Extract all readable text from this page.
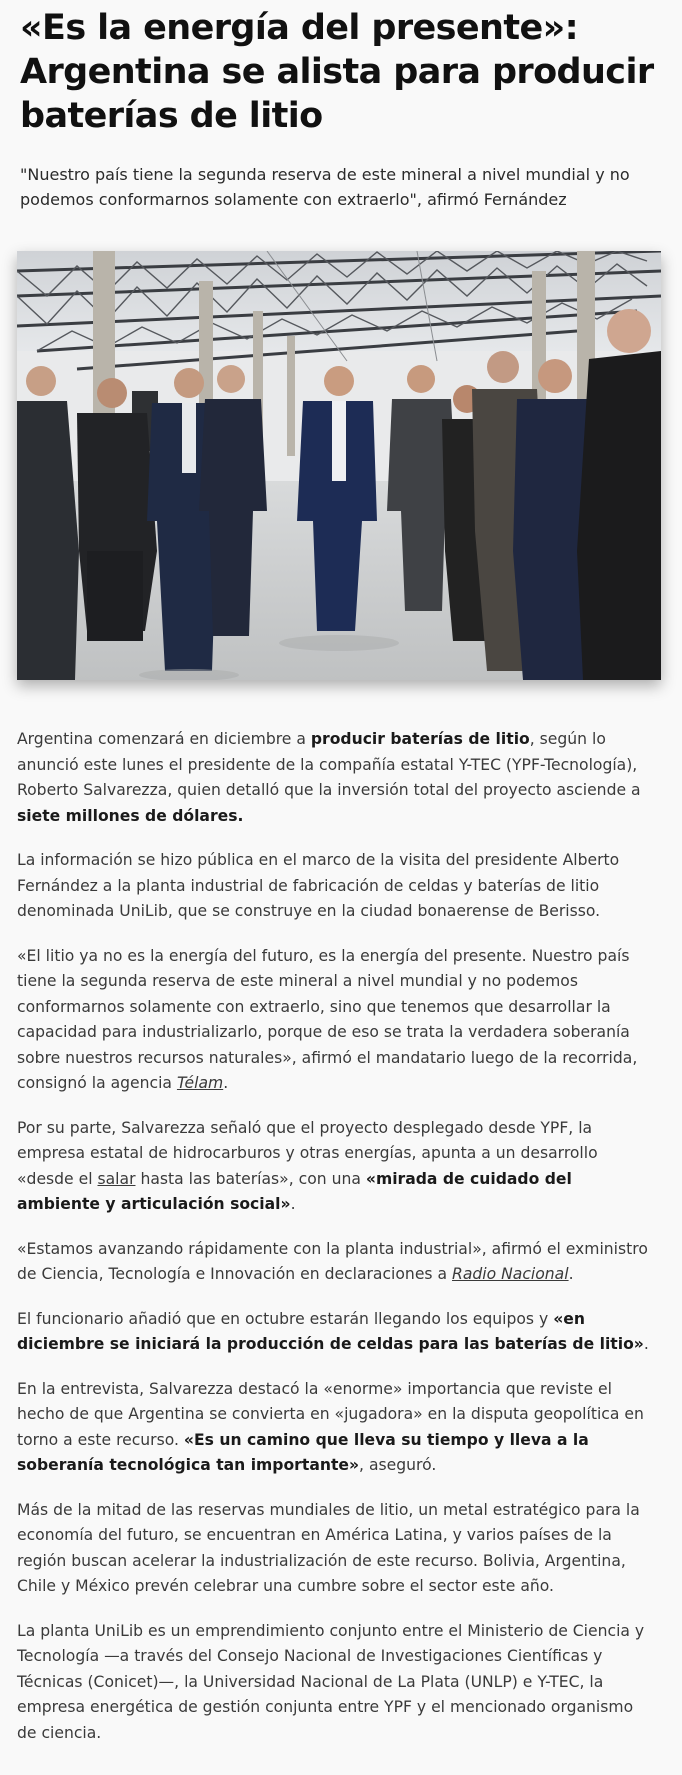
«Es la energía del presente»: Argentina se alista para producir baterías de litio

"Nuestro país tiene la segunda reserva de este mineral a nivel mundial y no podemos conformarnos solamente con extraerlo", afirmó Fernández

Argentina comenzará en diciembre a producir baterías de litio, según lo anunció este lunes el presidente de la compañía estatal Y-TEC (YPF-Tecnología), Roberto Salvarezza, quien detalló que la inversión total del proyecto asciende a siete millones de dólares.

La información se hizo pública en el marco de la visita del presidente Alberto Fernández a la planta industrial de fabricación de celdas y baterías de litio denominada UniLib, que se construye en la ciudad bonaerense de Berisso.

«El litio ya no es la energía del futuro, es la energía del presente. Nuestro país tiene la segunda reserva de este mineral a nivel mundial y no podemos conformarnos solamente con extraerlo, sino que tenemos que desarrollar la capacidad para industrializarlo, porque de eso se trata la verdadera soberanía sobre nuestros recursos naturales», afirmó el mandatario luego de la recorrida, consignó la agencia Télam.

Por su parte, Salvarezza señaló que el proyecto desplegado desde YPF, la empresa estatal de hidrocarburos y otras energías, apunta a un desarrollo «desde el salar hasta las baterías», con una «mirada de cuidado del ambiente y articulación social».

«Estamos avanzando rápidamente con la planta industrial», afirmó el exministro de Ciencia, Tecnología e Innovación en declaraciones a Radio Nacional.

El funcionario añadió que en octubre estarán llegando los equipos y «en diciembre se iniciará la producción de celdas para las baterías de litio».

En la entrevista, Salvarezza destacó la «enorme» importancia que reviste el hecho de que Argentina se convierta en «jugadora» en la disputa geopolítica en torno a este recurso. «Es un camino que lleva su tiempo y lleva a la soberanía tecnológica tan importante», aseguró.

Más de la mitad de las reservas mundiales de litio, un metal estratégico para la economía del futuro, se encuentran en América Latina, y varios países de la región buscan acelerar la industrialización de este recurso. Bolivia, Argentina, Chile y México prevén celebrar una cumbre sobre el sector este año.

La planta UniLib es un emprendimiento conjunto entre el Ministerio de Ciencia y Tecnología —a través del Consejo Nacional de Investigaciones Científicas y Técnicas (Conicet)—, la Universidad Nacional de La Plata (UNLP) e Y-TEC, la empresa energética de gestión conjunta entre YPF y el mencionado organismo de ciencia.
